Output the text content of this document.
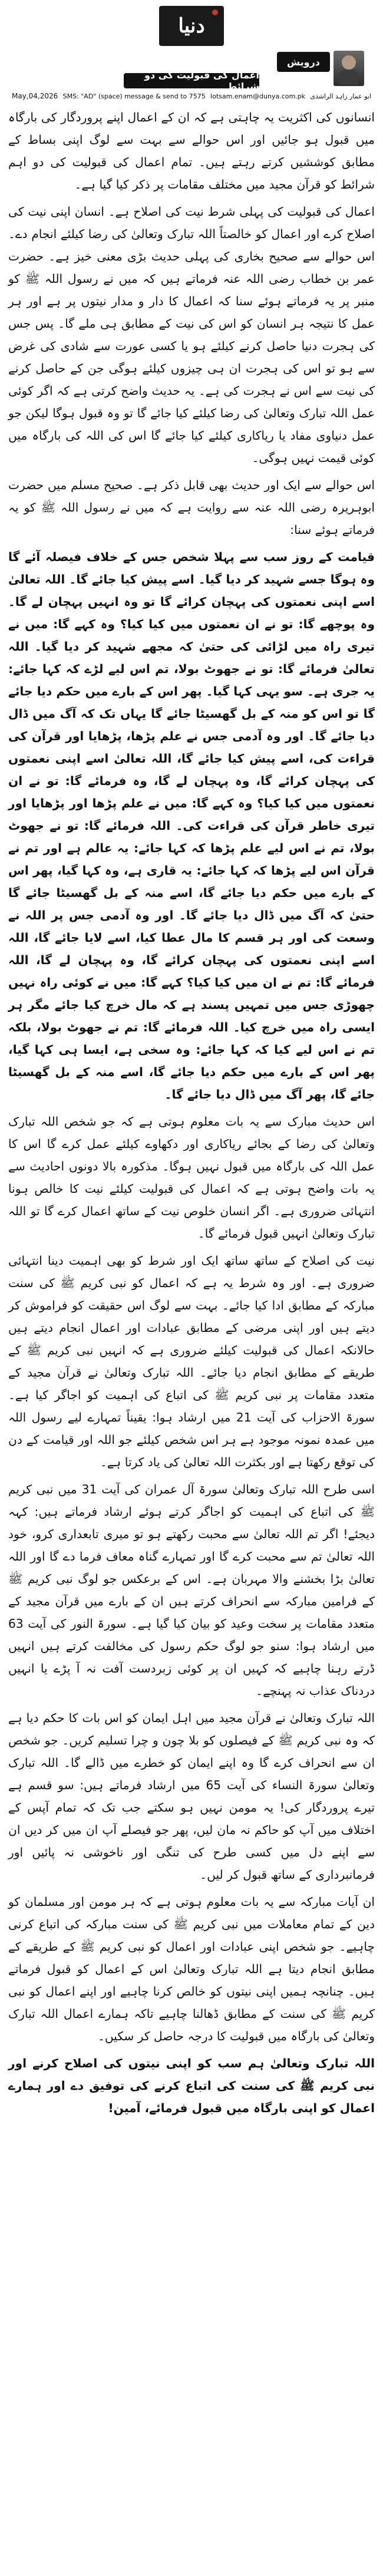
دنیا
درویش
اعمال کی قبولیت کی دو شرائط
May,04,2026 SMS: "AD" (space) message & send to 7575 lotsam.enam@dunya.com.pk ابو عمار زاہد الراشدی

انسانوں کی اکثریت یہ چاہتی ہے کہ ان کے اعمال اپنے پروردگار کی بارگاہ میں قبول ہو جائیں اور اس حوالے سے بہت سے لوگ اپنی بساط کے مطابق کوششیں کرتے رہتے ہیں۔ تمام اعمال کی قبولیت کی دو اہم شرائط کو قرآن مجید میں مختلف مقامات پر ذکر کیا گیا ہے۔

اعمال کی قبولیت کی پہلی شرط نیت کی اصلاح ہے۔ انسان اپنی نیت کی اصلاح کرے اور اعمال کو خالصتاً اللہ تبارک وتعالیٰ کی رضا کیلئے انجام دے۔ اس حوالے سے صحیح بخاری کی پہلی حدیث بڑی معنی خیز ہے۔ حضرت عمر بن خطاب رضی اللہ عنہ فرماتے ہیں کہ میں نے رسول اللہ ﷺ کو منبر پر یہ فرماتے ہوئے سنا کہ اعمال کا دار و مدار نیتوں پر ہے اور ہر عمل کا نتیجہ ہر انسان کو اس کی نیت کے مطابق ہی ملے گا۔ پس جس کی ہجرت دنیا حاصل کرنے کیلئے ہو یا کسی عورت سے شادی کی غرض سے ہو تو اس کی ہجرت ان ہی چیزوں کیلئے ہوگی جن کے حاصل کرنے کی نیت سے اس نے ہجرت کی ہے۔ یہ حدیث واضح کرتی ہے کہ اگر کوئی عمل اللہ تبارک وتعالیٰ کی رضا کیلئے کیا جائے گا تو وہ قبول ہوگا لیکن جو عمل دنیاوی مفاد یا ریاکاری کیلئے کیا جائے گا اس کی اللہ کی بارگاہ میں کوئی قیمت نہیں ہوگی۔

اس حوالے سے ایک اور حدیث بھی قابل ذکر ہے۔ صحیح مسلم میں حضرت ابوہریرہ رضی اللہ عنہ سے روایت ہے کہ میں نے رسول اللہ ﷺ کو یہ فرماتے ہوئے سنا:

قیامت کے روز سب سے پہلا شخص جس کے خلاف فیصلہ آئے گا وہ ہوگا جسے شہید کر دیا گیا۔ اسے پیش کیا جائے گا۔ اللہ تعالیٰ اسے اپنی نعمتوں کی پہچان کرائے گا تو وہ انہیں پہچان لے گا۔ وہ پوچھے گا: تو نے ان نعمتوں میں کیا کیا؟ وہ کہے گا: میں نے تیری راہ میں لڑائی کی حتیٰ کہ مجھے شہید کر دیا گیا۔ اللہ تعالیٰ فرمائے گا: تو نے جھوٹ بولا، تم اس لیے لڑے کہ کہا جائے: یہ جری ہے۔ سو یہی کہا گیا۔ پھر اس کے بارے میں حکم دیا جائے گا تو اس کو منہ کے بل گھسیٹا جائے گا یہاں تک کہ آگ میں ڈال دیا جائے گا۔ اور وہ آدمی جس نے علم پڑھا، پڑھایا اور قرآن کی قراءت کی، اسے پیش کیا جائے گا، اللہ تعالیٰ اسے اپنی نعمتوں کی پہچان کرائے گا، وہ پہچان لے گا، وہ فرمائے گا: تو نے ان نعمتوں میں کیا کیا؟ وہ کہے گا: میں نے علم پڑھا اور پڑھایا اور تیری خاطر قرآن کی قراءت کی۔ اللہ فرمائے گا: تو نے جھوٹ بولا، تم نے اس لیے علم پڑھا کہ کہا جائے: یہ عالم ہے اور تم نے قرآن اس لیے پڑھا کہ کہا جائے: یہ قاری ہے، وہ کہا گیا، پھر اس کے بارے میں حکم دیا جائے گا، اسے منہ کے بل گھسیٹا جائے گا حتیٰ کہ آگ میں ڈال دیا جائے گا۔ اور وہ آدمی جس پر اللہ نے وسعت کی اور ہر قسم کا مال عطا کیا، اسے لایا جائے گا، اللہ اسے اپنی نعمتوں کی پہچان کرائے گا، وہ پہچان لے گا، اللہ فرمائے گا: تم نے ان میں کیا کیا؟ کہے گا: میں نے کوئی راہ نہیں چھوڑی جس میں تمہیں پسند ہے کہ مال خرچ کیا جائے مگر ہر ایسی راہ میں خرچ کیا۔ اللہ فرمائے گا: تم نے جھوٹ بولا، بلکہ تم نے اس لیے کیا کہ کہا جائے: وہ سخی ہے، ایسا ہی کہا گیا، پھر اس کے بارے میں حکم دیا جائے گا، اسے منہ کے بل گھسیٹا جائے گا، پھر آگ میں ڈال دیا جائے گا۔

اس حدیث مبارک سے یہ بات معلوم ہوتی ہے کہ جو شخص اللہ تبارک وتعالیٰ کی رضا کے بجائے ریاکاری اور دکھاوے کیلئے عمل کرے گا اس کا عمل اللہ کی بارگاہ میں قبول نہیں ہوگا۔ مذکورہ بالا دونوں احادیث سے یہ بات واضح ہوتی ہے کہ اعمال کی قبولیت کیلئے نیت کا خالص ہونا انتہائی ضروری ہے۔ اگر انسان خلوص نیت کے ساتھ اعمال کرے گا تو اللہ تبارک وتعالیٰ انہیں قبول فرمائے گا۔

نیت کی اصلاح کے ساتھ ساتھ ایک اور شرط کو بھی اہمیت دینا انتہائی ضروری ہے۔ اور وہ شرط یہ ہے کہ اعمال کو نبی کریم ﷺ کی سنت مبارکہ کے مطابق ادا کیا جائے۔ بہت سے لوگ اس حقیقت کو فراموش کر دیتے ہیں اور اپنی مرضی کے مطابق عبادات اور اعمال انجام دیتے ہیں حالانکہ اعمال کی قبولیت کیلئے ضروری ہے کہ انہیں نبی کریم ﷺ کے طریقے کے مطابق انجام دیا جائے۔ اللہ تبارک وتعالیٰ نے قرآن مجید کے متعدد مقامات پر نبی کریم ﷺ کی اتباع کی اہمیت کو اجاگر کیا ہے۔ سورۃ الاحزاب کی آیت 21 میں ارشاد ہوا: یقیناً تمہارے لیے رسول اللہ میں عمدہ نمونہ موجود ہے ہر اس شخص کیلئے جو اللہ اور قیامت کے دن کی توقع رکھتا ہے اور بکثرت اللہ تعالیٰ کی یاد کرتا ہے۔

اسی طرح اللہ تبارک وتعالیٰ سورۃ آل عمران کی آیت 31 میں نبی کریم ﷺ کی اتباع کی اہمیت کو اجاگر کرتے ہوئے ارشاد فرماتے ہیں: کہہ دیجئے! اگر تم اللہ تعالیٰ سے محبت رکھتے ہو تو میری تابعداری کرو، خود اللہ تعالیٰ تم سے محبت کرے گا اور تمہارے گناہ معاف فرما دے گا اور اللہ تعالیٰ بڑا بخشنے والا مہربان ہے۔ اس کے برعکس جو لوگ نبی کریم ﷺ کے فرامین مبارکہ سے انحراف کرتے ہیں ان کے بارے میں قرآن مجید کے متعدد مقامات پر سخت وعید کو بیان کیا گیا ہے۔ سورۃ النور کی آیت 63 میں ارشاد ہوا: سنو جو لوگ حکم رسول کی مخالفت کرتے ہیں انہیں ڈرتے رہنا چاہیے کہ کہیں ان پر کوئی زبردست آفت نہ آ پڑے یا انہیں دردناک عذاب نہ پہنچے۔

اللہ تبارک وتعالیٰ نے قرآن مجید میں اہل ایمان کو اس بات کا حکم دیا ہے کہ وہ نبی کریم ﷺ کے فیصلوں کو بلا چون و چرا تسلیم کریں۔ جو شخص ان سے انحراف کرے گا وہ اپنے ایمان کو خطرے میں ڈالے گا۔ اللہ تبارک وتعالیٰ سورۃ النساء کی آیت 65 میں ارشاد فرماتے ہیں: سو قسم ہے تیرے پروردگار کی! یہ مومن نہیں ہو سکتے جب تک کہ تمام آپس کے اختلاف میں آپ کو حاکم نہ مان لیں، پھر جو فیصلے آپ ان میں کر دیں ان سے اپنے دل میں کسی طرح کی تنگی اور ناخوشی نہ پائیں اور فرمانبرداری کے ساتھ قبول کر لیں۔

ان آیات مبارکہ سے یہ بات معلوم ہوتی ہے کہ ہر مومن اور مسلمان کو دین کے تمام معاملات میں نبی کریم ﷺ کی سنت مبارکہ کی اتباع کرنی چاہیے۔ جو شخص اپنی عبادات اور اعمال کو نبی کریم ﷺ کے طریقے کے مطابق انجام دیتا ہے اللہ تبارک وتعالیٰ اس کے اعمال کو قبول فرماتے ہیں۔ چنانچہ ہمیں اپنی نیتوں کو خالص کرنا چاہیے اور اپنے اعمال کو نبی کریم ﷺ کی سنت کے مطابق ڈھالنا چاہیے تاکہ ہمارے اعمال اللہ تبارک وتعالیٰ کی بارگاہ میں قبولیت کا درجہ حاصل کر سکیں۔

اللہ تبارک وتعالیٰ ہم سب کو اپنی نیتوں کی اصلاح کرنے اور نبی کریم ﷺ کی سنت کی اتباع کرنے کی توفیق دے اور ہمارے اعمال کو اپنی بارگاہ میں قبول فرمائے، آمین!
